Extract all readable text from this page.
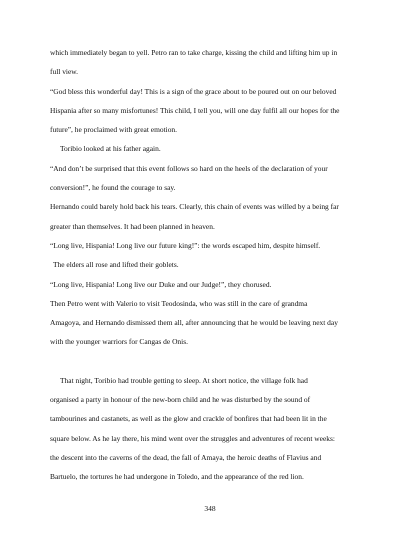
which immediately began to yell. Petro ran to take charge, kissing the child and lifting him up in

full view.

“God bless this wonderful day! This is a sign of the grace about to be poured out on our beloved

Hispania after so many misfortunes! This child, I tell you, will one day fulfil all our hopes for the

future”, he proclaimed with great emotion.

Toribio looked at his father again.

“And don’t be surprised that this event follows so hard on the heels of the declaration of your

conversion!”, he found the courage to say.

Hernando could barely hold back his tears. Clearly, this chain of events was willed by a being far

greater than themselves. It had been planned in heaven.

“Long live, Hispania! Long live our future king!”: the words escaped him, despite himself.

The elders all rose and lifted their goblets.

“Long live, Hispania! Long live our Duke and our Judge!”, they chorused.

Then Petro went with Valerio to visit Teodosinda, who was still in the care of grandma

Amagoya, and Hernando dismissed them all, after announcing that he would be leaving next day

with the younger warriors for Cangas de Onis.

That night, Toribio had trouble getting to sleep. At short notice, the village folk had

organised a party in honour of the new-born child and he was disturbed by the sound of

tambourines and castanets, as well as the glow and crackle of bonfires that had been lit in the

square below. As he lay there, his mind went over the struggles and adventures of recent weeks:

the descent into the caverns of the dead, the fall of Amaya, the heroic deaths of Flavius and

Bartuelo, the tortures he had undergone in Toledo, and the appearance of the red lion.

348
